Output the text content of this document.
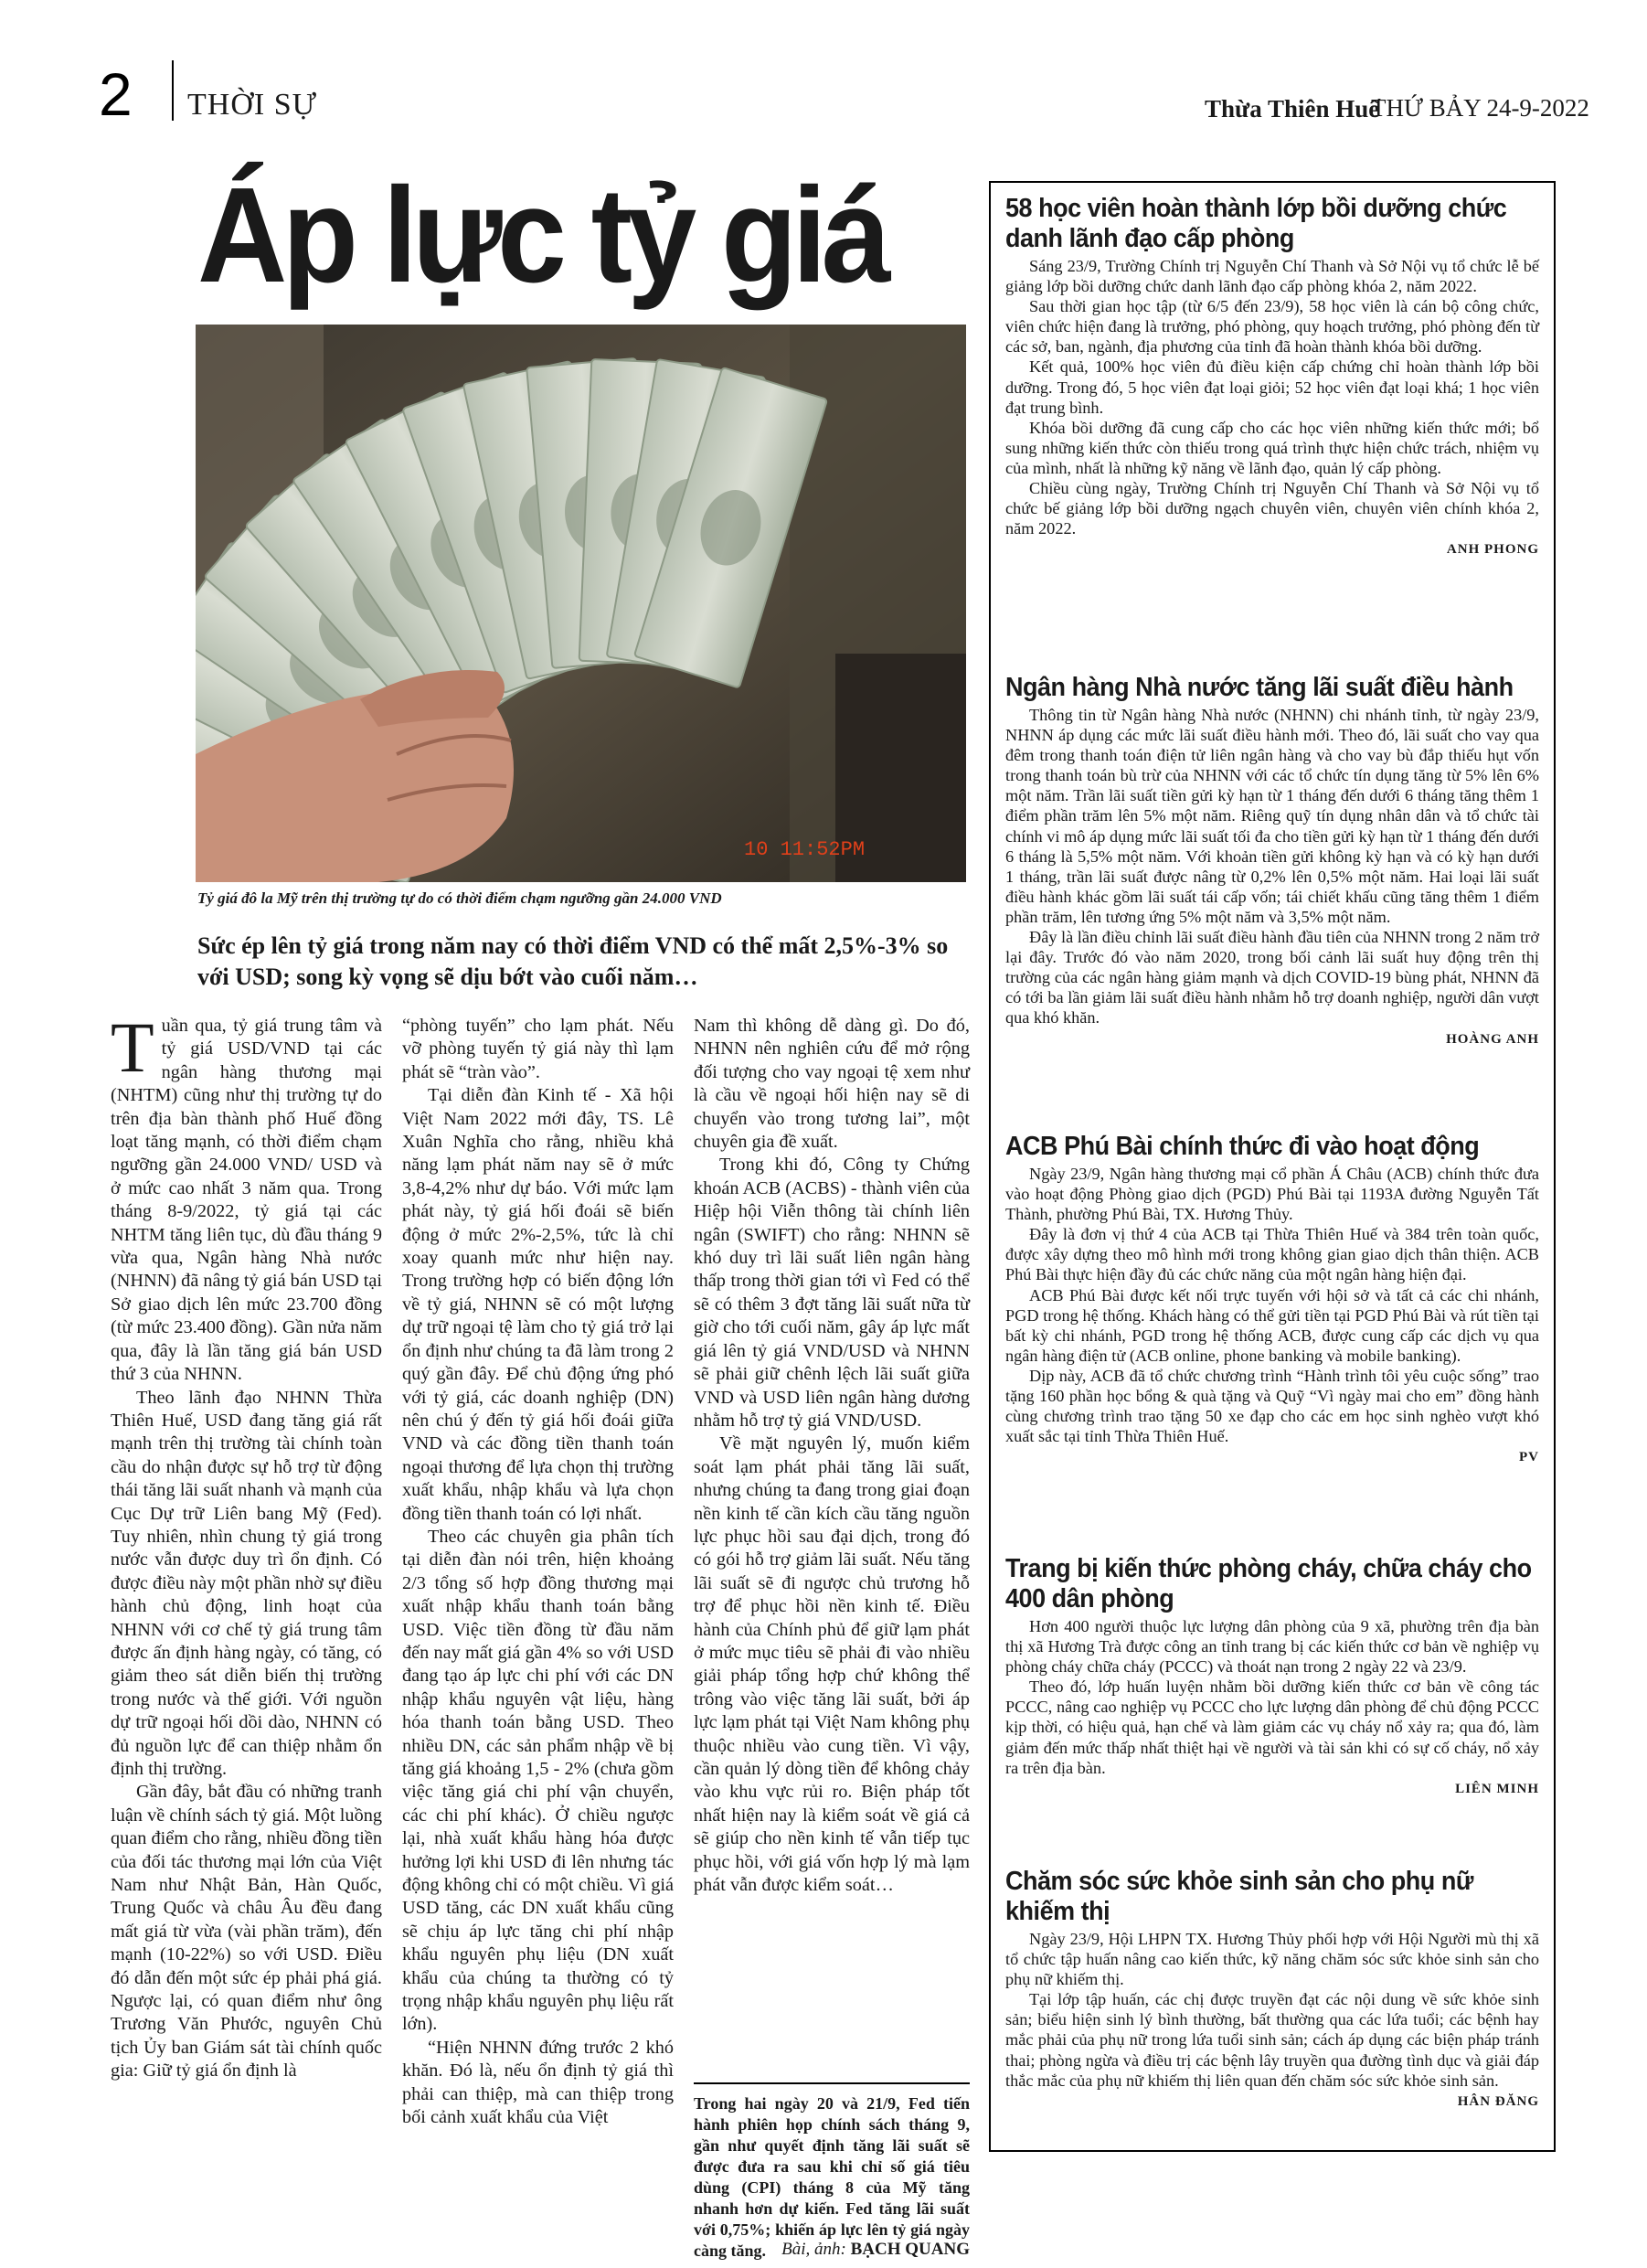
2 THỜI SỰ	Thừa Thiên Huế
THỨ BẢY 24-9-2022
Áp lực tỷ giá
10 11:52PM
Tỷ giá đô la Mỹ trên thị trường tự do có thời điểm chạm ngưỡng gần 24.000 VND
Sức ép lên tỷ giá trong năm nay có thời điểm VND có thể mất 2,5%-3% so với USD; song kỳ vọng sẽ dịu bớt vào cuối năm…

Tuần qua, tỷ giá trung tâm và tỷ giá USD/VND tại các ngân hàng thương mại (NHTM) cũng như thị trường tự do trên địa bàn thành phố Huế đồng loạt tăng mạnh, có thời điểm chạm ngưỡng gần 24.000 VND/ USD và ở mức cao nhất 3 năm qua. Trong tháng 8-9/2022, tỷ giá tại các NHTM tăng liên tục, dù đầu tháng 9 vừa qua, Ngân hàng Nhà nước (NHNN) đã nâng tỷ giá bán USD tại Sở giao dịch lên mức 23.700 đồng (từ mức 23.400 đồng). Gần nửa năm qua, đây là lần tăng giá bán USD thứ 3 của NHNN.

Theo lãnh đạo NHNN Thừa Thiên Huế, USD đang tăng giá rất mạnh trên thị trường tài chính toàn cầu do nhận được sự hỗ trợ từ động thái tăng lãi suất nhanh và mạnh của Cục Dự trữ Liên bang Mỹ (Fed). Tuy nhiên, nhìn chung tỷ giá trong nước vẫn được duy trì ổn định. Có được điều này một phần nhờ sự điều hành chủ động, linh hoạt của NHNN với cơ chế tỷ giá trung tâm được ấn định hàng ngày, có tăng, có giảm theo sát diễn biến thị trường trong nước và thế giới. Với nguồn dự trữ ngoại hối dồi dào, NHNN có đủ nguồn lực để can thiệp nhằm ổn định thị trường.

Gần đây, bắt đầu có những tranh luận về chính sách tỷ giá. Một luồng quan điểm cho rằng, nhiều đồng tiền của đối tác thương mại lớn của Việt Nam như Nhật Bản, Hàn Quốc, Trung Quốc và châu Âu đều đang mất giá từ vừa (vài phần trăm), đến mạnh (10-22%) so với USD. Điều đó dẫn đến một sức ép phải phá giá. Ngược lại, có quan điểm như ông Trương Văn Phước, nguyên Chủ tịch Ủy ban Giám sát tài chính quốc gia: Giữ tỷ giá ổn định là

“phòng tuyến” cho lạm phát. Nếu vỡ phòng tuyến tỷ giá này thì lạm phát sẽ “tràn vào”.

Tại diễn đàn Kinh tế - Xã hội Việt Nam 2022 mới đây, TS. Lê Xuân Nghĩa cho rằng, nhiều khả năng lạm phát năm nay sẽ ở mức 3,8-4,2% như dự báo. Với mức lạm phát này, tỷ giá hối đoái sẽ biến động ở mức 2%-2,5%, tức là chỉ xoay quanh mức như hiện nay. Trong trường hợp có biến động lớn về tỷ giá, NHNN sẽ có một lượng dự trữ ngoại tệ làm cho tỷ giá trở lại ổn định như chúng ta đã làm trong 2 quý gần đây. Để chủ động ứng phó với tỷ giá, các doanh nghiệp (DN) nên chú ý đến tỷ giá hối đoái giữa VND và các đồng tiền thanh toán ngoại thương để lựa chọn thị trường xuất khẩu, nhập khẩu và lựa chọn đồng tiền thanh toán có lợi nhất.

Theo các chuyên gia phân tích tại diễn đàn nói trên, hiện khoảng 2/3 tổng số hợp đồng thương mại xuất nhập khẩu thanh toán bằng USD. Việc tiền đồng từ đầu năm đến nay mất giá gần 4% so với USD đang tạo áp lực chi phí với các DN nhập khẩu nguyên vật liệu, hàng hóa thanh toán bằng USD. Theo nhiều DN, các sản phẩm nhập về bị tăng giá khoảng 1,5 - 2% (chưa gồm việc tăng giá chi phí vận chuyển, các chi phí khác). Ở chiều ngược lại, nhà xuất khẩu hàng hóa được hưởng lợi khi USD đi lên nhưng tác động không chỉ có một chiều. Vì giá USD tăng, các DN xuất khẩu cũng sẽ chịu áp lực tăng chi phí nhập khẩu nguyên phụ liệu (DN xuất khẩu của chúng ta thường có tỷ trọng nhập khẩu nguyên phụ liệu rất lớn).

“Hiện NHNN đứng trước 2 khó khăn. Đó là, nếu ổn định tỷ giá thì phải can thiệp, mà can thiệp trong bối cảnh xuất khẩu của Việt

Nam thì không dễ dàng gì. Do đó, NHNN nên nghiên cứu để mở rộng đối tượng cho vay ngoại tệ xem như là cầu về ngoại hối hiện nay sẽ di chuyển vào trong tương lai”, một chuyên gia đề xuất.

Trong khi đó, Công ty Chứng khoán ACB (ACBS) - thành viên của Hiệp hội Viễn thông tài chính liên ngân (SWIFT) cho rằng: NHNN sẽ khó duy trì lãi suất liên ngân hàng thấp trong thời gian tới vì Fed có thể sẽ có thêm 3 đợt tăng lãi suất nữa từ giờ cho tới cuối năm, gây áp lực mất giá lên tỷ giá VND/USD và NHNN sẽ phải giữ chênh lệch lãi suất giữa VND và USD liên ngân hàng dương nhằm hỗ trợ tỷ giá VND/USD.

Về mặt nguyên lý, muốn kiểm soát lạm phát phải tăng lãi suất, nhưng chúng ta đang trong giai đoạn nền kinh tế cần kích cầu tăng nguồn lực phục hồi sau đại dịch, trong đó có gói hỗ trợ giảm lãi suất. Nếu tăng lãi suất sẽ đi ngược chủ trương hỗ trợ để phục hồi nền kinh tế. Điều hành của Chính phủ để giữ lạm phát ở mức mục tiêu sẽ phải đi vào nhiều giải pháp tổng hợp chứ không thể trông vào việc tăng lãi suất, bởi áp lực lạm phát tại Việt Nam không phụ thuộc nhiều vào cung tiền. Vì vậy, cần quản lý dòng tiền để không chảy vào khu vực rủi ro. Biện pháp tốt nhất hiện nay là kiểm soát về giá cả sẽ giúp cho nền kinh tế vẫn tiếp tục phục hồi, với giá vốn hợp lý mà lạm phát vẫn được kiểm soát…

Trong hai ngày 20 và 21/9, Fed tiến hành phiên họp chính sách tháng 9, gần như quyết định tăng lãi suất sẽ được đưa ra sau khi chỉ số giá tiêu dùng (CPI) tháng 8 của Mỹ tăng nhanh hơn dự kiến. Fed tăng lãi suất với 0,75%; khiến áp lực lên tỷ giá ngày càng tăng. Bài, ảnh: BẠCH QUANG
58 học viên hoàn thành lớp bồi dưỡng chức danh lãnh đạo cấp phòng

Sáng 23/9, Trường Chính trị Nguyễn Chí Thanh và Sở Nội vụ tổ chức lễ bế giảng lớp bồi dưỡng chức danh lãnh đạo cấp phòng khóa 2, năm 2022.

Sau thời gian học tập (từ 6/5 đến 23/9), 58 học viên là cán bộ công chức, viên chức hiện đang là trưởng, phó phòng, quy hoạch trưởng, phó phòng đến từ các sở, ban, ngành, địa phương của tỉnh đã hoàn thành khóa bồi dưỡng.

Kết quả, 100% học viên đủ điều kiện cấp chứng chỉ hoàn thành lớp bồi dưỡng. Trong đó, 5 học viên đạt loại giỏi; 52 học viên đạt loại khá; 1 học viên đạt trung bình.

Khóa bồi dưỡng đã cung cấp cho các học viên những kiến thức mới; bổ sung những kiến thức còn thiếu trong quá trình thực hiện chức trách, nhiệm vụ của mình, nhất là những kỹ năng về lãnh đạo, quản lý cấp phòng.

Chiều cùng ngày, Trường Chính trị Nguyễn Chí Thanh và Sở Nội vụ tổ chức bế giảng lớp bồi dưỡng ngạch chuyên viên, chuyên viên chính khóa 2, năm 2022.

ANH PHONG
Ngân hàng Nhà nước tăng lãi suất điều hành

Thông tin từ Ngân hàng Nhà nước (NHNN) chi nhánh tỉnh, từ ngày 23/9, NHNN áp dụng các mức lãi suất điều hành mới. Theo đó, lãi suất cho vay qua đêm trong thanh toán điện tử liên ngân hàng và cho vay bù đắp thiếu hụt vốn trong thanh toán bù trừ của NHNN với các tổ chức tín dụng tăng từ 5% lên 6% một năm. Trần lãi suất tiền gửi kỳ hạn từ 1 tháng đến dưới 6 tháng tăng thêm 1 điểm phần trăm lên 5% một năm. Riêng quỹ tín dụng nhân dân và tổ chức tài chính vi mô áp dụng mức lãi suất tối đa cho tiền gửi kỳ hạn từ 1 tháng đến dưới 6 tháng là 5,5% một năm. Với khoản tiền gửi không kỳ hạn và có kỳ hạn dưới 1 tháng, trần lãi suất được nâng từ 0,2% lên 0,5% một năm. Hai loại lãi suất điều hành khác gồm lãi suất tái cấp vốn; tái chiết khấu cũng tăng thêm 1 điểm phần trăm, lên tương ứng 5% một năm và 3,5% một năm.

Đây là lần điều chỉnh lãi suất điều hành đầu tiên của NHNN trong 2 năm trở lại đây. Trước đó vào năm 2020, trong bối cảnh lãi suất huy động trên thị trường của các ngân hàng giảm mạnh và dịch COVID-19 bùng phát, NHNN đã có tới ba lần giảm lãi suất điều hành nhằm hỗ trợ doanh nghiệp, người dân vượt qua khó khăn.

HOÀNG ANH
ACB Phú Bài chính thức đi vào hoạt động

Ngày 23/9, Ngân hàng thương mại cổ phần Á Châu (ACB) chính thức đưa vào hoạt động Phòng giao dịch (PGD) Phú Bài tại 1193A đường Nguyễn Tất Thành, phường Phú Bài, TX. Hương Thủy.

Đây là đơn vị thứ 4 của ACB tại Thừa Thiên Huế và 384 trên toàn quốc, được xây dựng theo mô hình mới trong không gian giao dịch thân thiện. ACB Phú Bài thực hiện đầy đủ các chức năng của một ngân hàng hiện đại.

ACB Phú Bài được kết nối trực tuyến với hội sở và tất cả các chi nhánh, PGD trong hệ thống. Khách hàng có thể gửi tiền tại PGD Phú Bài và rút tiền tại bất kỳ chi nhánh, PGD trong hệ thống ACB, được cung cấp các dịch vụ qua ngân hàng điện tử (ACB online, phone banking và mobile banking).

Dịp này, ACB đã tổ chức chương trình “Hành trình tôi yêu cuộc sống” trao tặng 160 phần học bổng & quà tặng và Quỹ “Vì ngày mai cho em” đồng hành cùng chương trình trao tặng 50 xe đạp cho các em học sinh nghèo vượt khó xuất sắc tại tỉnh Thừa Thiên Huế.

PV
Trang bị kiến thức phòng cháy, chữa cháy cho 400 dân phòng

Hơn 400 người thuộc lực lượng dân phòng của 9 xã, phường trên địa bàn thị xã Hương Trà được công an tỉnh trang bị các kiến thức cơ bản về nghiệp vụ phòng cháy chữa cháy (PCCC) và thoát nạn trong 2 ngày 22 và 23/9.

Theo đó, lớp huấn luyện nhằm bồi dưỡng kiến thức cơ bản về công tác PCCC, nâng cao nghiệp vụ PCCC cho lực lượng dân phòng để chủ động PCCC kịp thời, có hiệu quả, hạn chế và làm giảm các vụ cháy nổ xảy ra; qua đó, làm giảm đến mức thấp nhất thiệt hại về người và tài sản khi có sự cố cháy, nổ xảy ra trên địa bàn.

LIÊN MINH
Chăm sóc sức khỏe sinh sản cho phụ nữ khiếm thị

Ngày 23/9, Hội LHPN TX. Hương Thủy phối hợp với Hội Người mù thị xã tổ chức tập huấn nâng cao kiến thức, kỹ năng chăm sóc sức khỏe sinh sản cho phụ nữ khiếm thị.

Tại lớp tập huấn, các chị được truyền đạt các nội dung về sức khỏe sinh sản; biểu hiện sinh lý bình thường, bất thường qua các lứa tuổi; các bệnh hay mắc phải của phụ nữ trong lứa tuổi sinh sản; cách áp dụng các biện pháp tránh thai; phòng ngừa và điều trị các bệnh lây truyền qua đường tình dục và giải đáp thắc mắc của phụ nữ khiếm thị liên quan đến chăm sóc sức khỏe sinh sản.

HÂN ĐĂNG
